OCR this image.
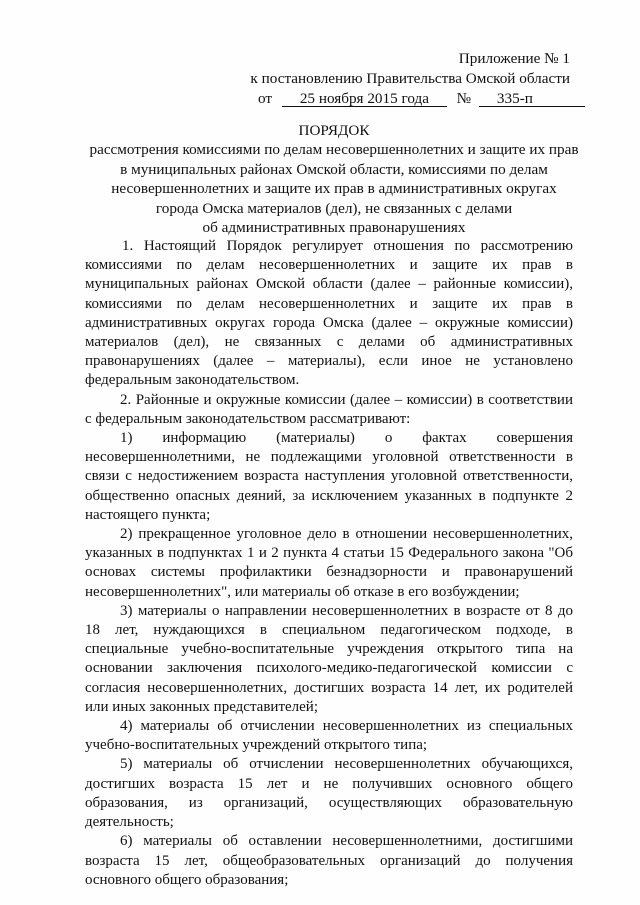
Приложение № 1
к постановлению Правительства Омской области
от 25 ноября 2015 года № 335-п
ПОРЯДОК
рассмотрения комиссиями по делам несовершеннолетних и защите их прав
в муниципальных районах Омской области, комиссиями по делам
несовершеннолетних и защите их прав в административных округах
города Омска материалов (дел), не связанных с делами
об административных правонарушениях

1. Настоящий Порядок регулирует отношения по рассмотрению комиссиями по делам несовершеннолетних и защите их прав в муниципальных районах Омской области (далее – районные комиссии), комиссиями по делам несовершеннолетних и защите их прав в административных округах города Омска (далее – окружные комиссии) материалов (дел), не связанных с делами об административных правонарушениях (далее – материалы), если иное не установлено федеральным законодательством.

2. Районные и окружные комиссии (далее – комиссии) в соответствии с федеральным законодательством рассматривают:

1) информацию (материалы) о фактах совершения несовершеннолетними, не подлежащими уголовной ответственности в связи с недостижением возраста наступления уголовной ответственности, общественно опасных деяний, за исключением указанных в подпункте 2 настоящего пункта;

2) прекращенное уголовное дело в отношении несовершеннолетних, указанных в подпунктах 1 и 2 пункта 4 статьи 15 Федерального закона "Об основах системы профилактики безнадзорности и правонарушений несовершеннолетних", или материалы об отказе в его возбуждении;

3) материалы о направлении несовершеннолетних в возрасте от 8 до 18 лет, нуждающихся в специальном педагогическом подходе, в специальные учебно-воспитательные учреждения открытого типа на основании заключения психолого-медико-педагогической комиссии с согласия несовершеннолетних, достигших возраста 14 лет, их родителей или иных законных представителей;

4) материалы об отчислении несовершеннолетних из специальных учебно-воспитательных учреждений открытого типа;

5) материалы об отчислении несовершеннолетних обучающихся, достигших возраста 15 лет и не получивших основного общего образования, из организаций, осуществляющих образовательную деятельность;

6) материалы об оставлении несовершеннолетними, достигшими возраста 15 лет, общеобразовательных организаций до получения основного общего образования;
